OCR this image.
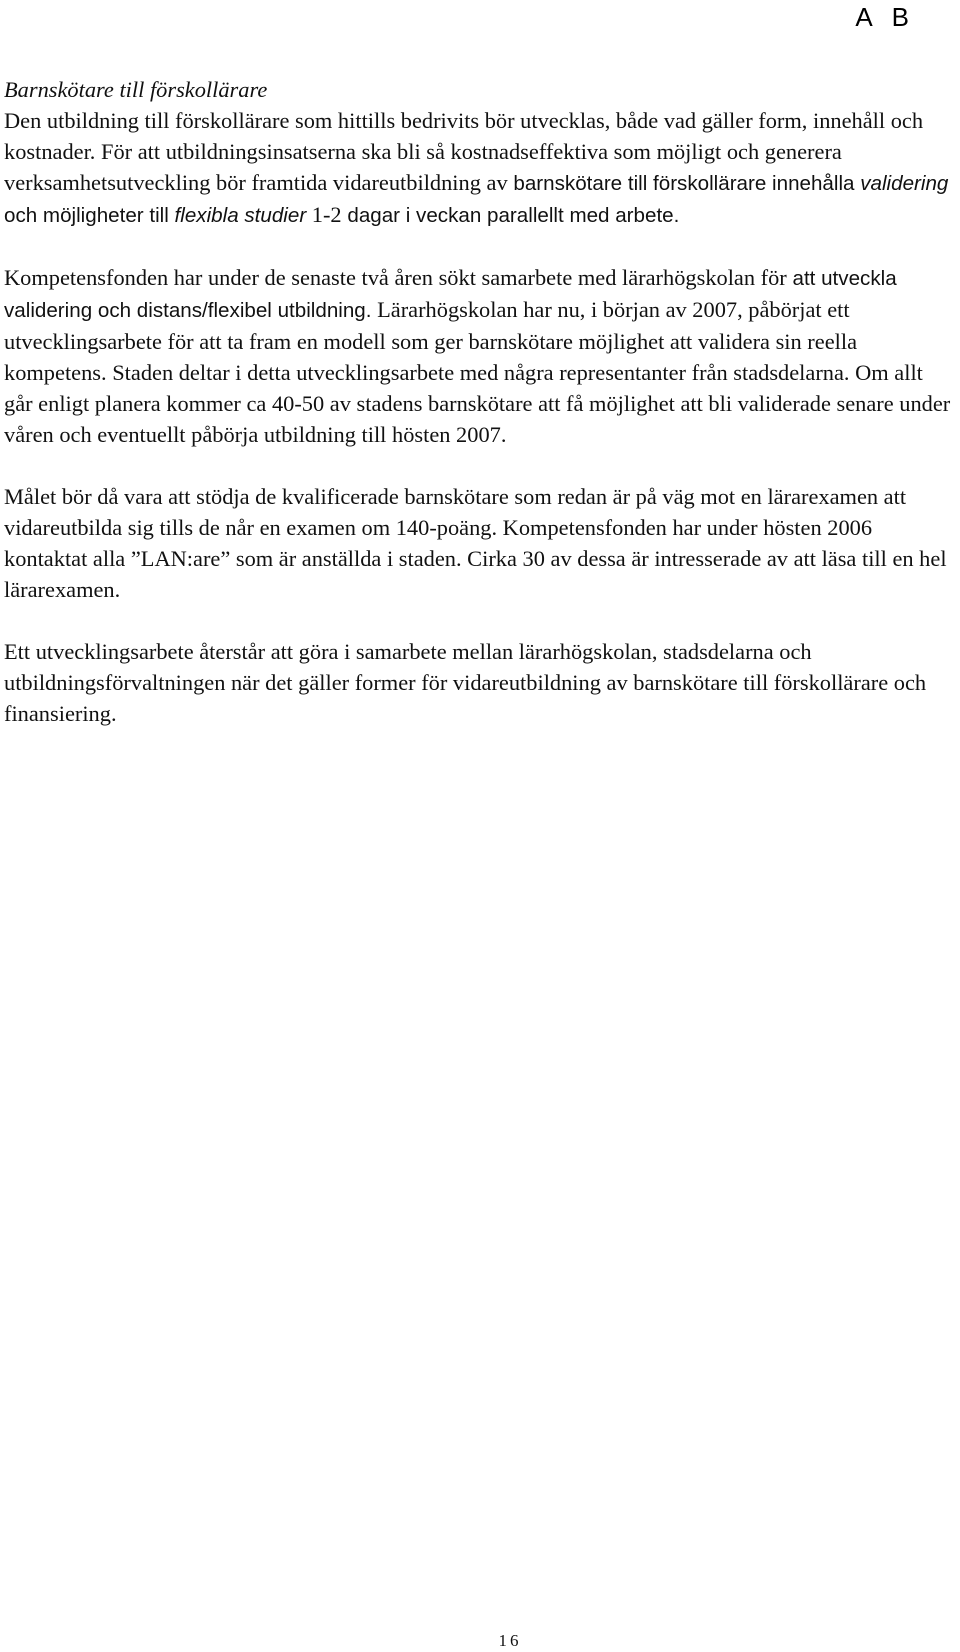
A B
Barnskötare till förskollärare

Den utbildning till förskollärare som hittills bedrivits bör utvecklas, både vad gäller form, innehåll och kostnader. För att utbildningsinsatserna ska bli så kostnadseffektiva som möjligt och generera verksamhetsutveckling bör framtida vidareutbildning av barnskötare till förskollärare innehålla validering och möjligheter till flexibla studier 1-2 dagar i veckan parallellt med arbete.

Kompetensfonden har under de senaste två åren sökt samarbete med lärarhögskolan för att utveckla validering och distans/flexibel utbildning. Lärarhögskolan har nu, i början av 2007, påbörjat ett utvecklingsarbete för att ta fram en modell som ger barnskötare möjlighet att validera sin reella kompetens. Staden deltar i detta utvecklingsarbete med några representanter från stadsdelarna. Om allt går enligt planera kommer ca 40-50 av stadens barnskötare att få möjlighet att bli validerade senare under våren och eventuellt påbörja utbildning till hösten 2007.

Målet bör då vara att stödja de kvalificerade barnskötare som redan är på väg mot en lärarexamen att vidareutbilda sig tills de når en examen om 140-poäng. Kompetensfonden har under hösten 2006 kontaktat alla ”LAN:are” som är anställda i staden. Cirka 30 av dessa är intresserade av att läsa till en hel lärarexamen.

Ett utvecklingsarbete återstår att göra i samarbete mellan lärarhögskolan, stadsdelarna och utbildningsförvaltningen när det gäller former för vidareutbildning av barnskötare till förskollärare och finansiering.

16
